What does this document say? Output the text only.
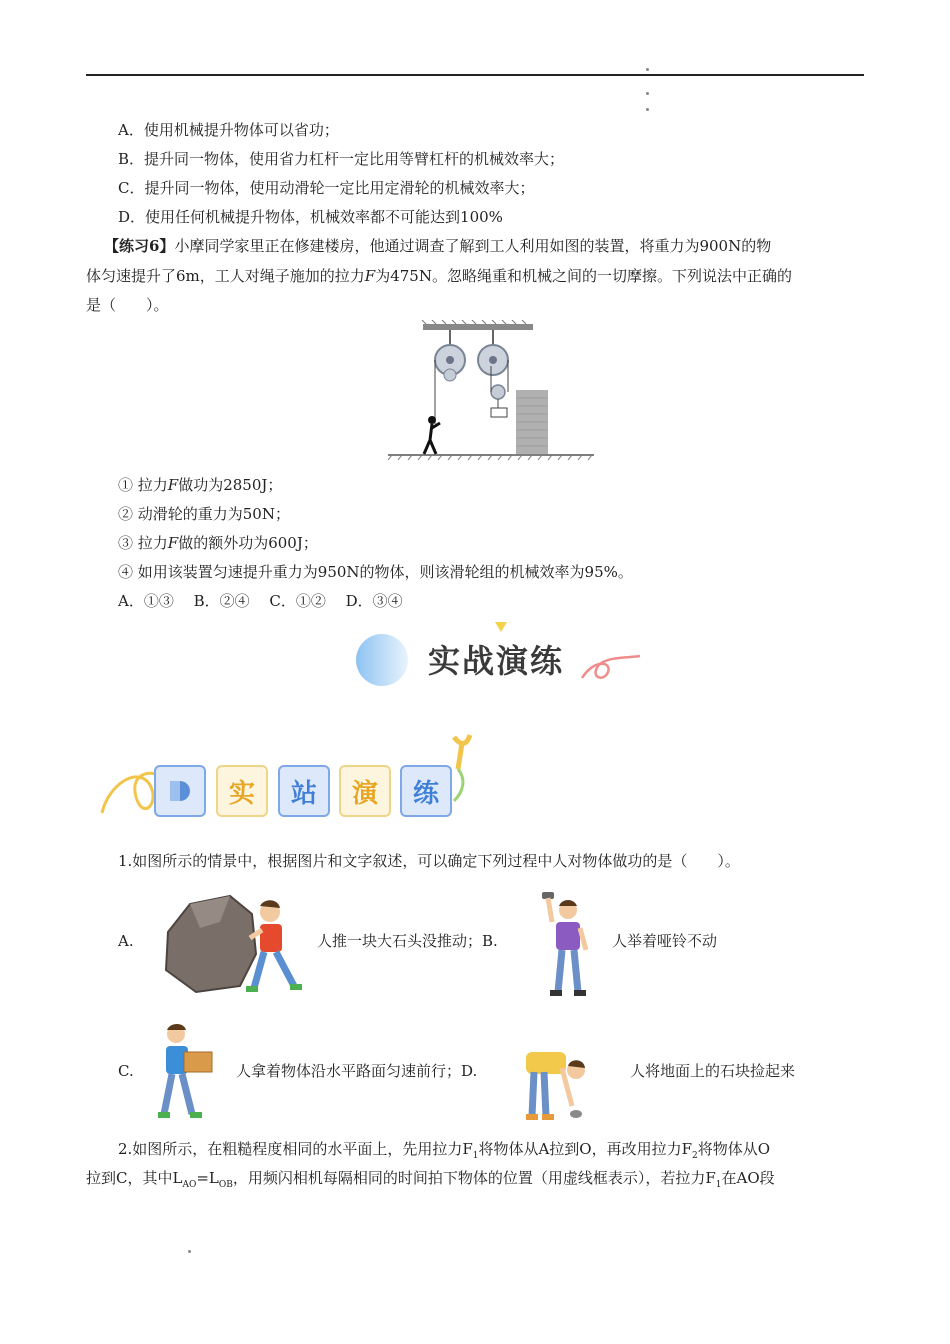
A．使用机械提升物体可以省功；
B．提升同一物体，使用省力杠杆一定比用等臂杠杆的机械效率大；
C．提升同一物体，使用动滑轮一定比用定滑轮的机械效率大；
D．使用任何机械提升物体，机械效率都不可能达到100%
【练习6】小摩同学家里正在修建楼房，他通过调查了解到工人利用如图的装置，将重力为900N的物
体匀速提升了6m，工人对绳子施加的拉力F为475N。忽略绳重和机械之间的一切摩擦。下列说法中正确的
是（　　）。
① 拉力F做功为2850J；
② 动滑轮的重力为50N；
③ 拉力F做的额外功为600J；
④ 如用该装置匀速提升重力为950N的物体，则该滑轮组的机械效率为95%。
A．①③　 B．②④　 C．①②　 D．③④
实战演练
实	站	演	练
1.如图所示的情景中，根据图片和文字叙述，可以确定下列过程中人对物体做功的是（　　）。
A.	人推一块大石头没推动；B.	人举着哑铃不动
C.	人拿着物体沿水平路面匀速前行；D.	人将地面上的石块捡起来
2.如图所示，在粗糙程度相同的水平面上，先用拉力$F_1$将物体从A拉到O，再改用拉力$F_2$将物体从O
拉到C，其中$L_{AO}=L_{OB}$，用频闪相机每隔相同的时间拍下物体的位置（用虚线框表示），若拉力$F_1$在AO段
